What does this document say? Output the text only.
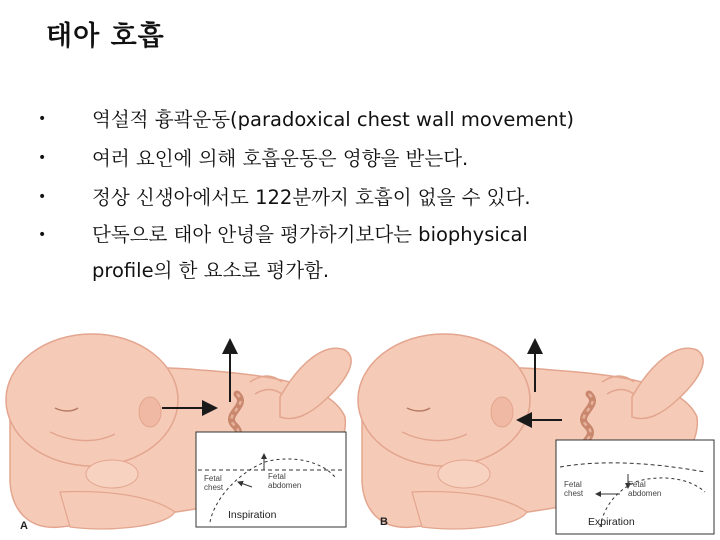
태아 호흡
• 역설적 흉곽운동(paradoxical chest wall movement)
• 여러 요인에 의해 호흡운동은 영향을 받는다.
• 정상 신생아에서도 122분까지 호흡이 없을 수 있다.
• 단독으로 태아 안녕을 평가하기보다는 biophysical
profile의 한 요소로 평가함.
A
Fetal
chest
Fetal
abdomen
Inspiration
B
Fetal
chest
Fetal
abdomen
Expiration
